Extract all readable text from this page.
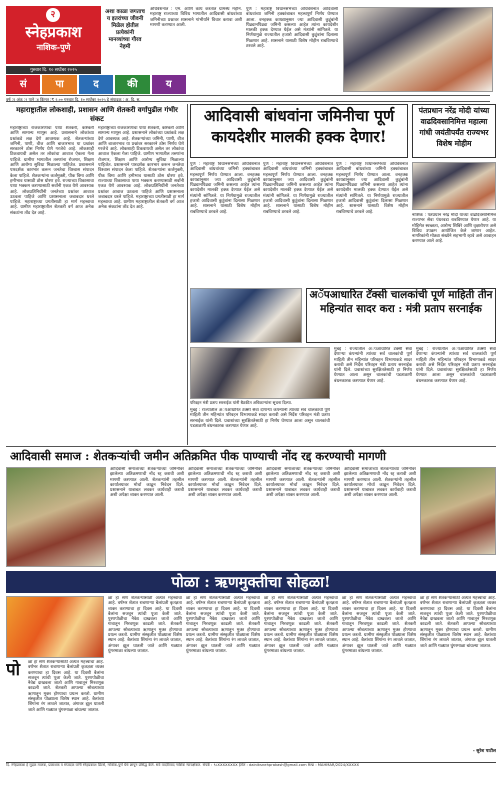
२
स्नेहप्रकाश
नाशिक-पुणे
गुरुवार दि. १० सप्टेंबर २०२५
अशा काळा जगताच य इतरांच्या जीवनी मिळेल होतील प्रत्येकांनी मानव्यांच्या गौरव नेहमी
अधिवेशनात : एम. आणि काय करतात ग्रामस्थ महीने. महाराष्ट्र राज्याच्या विविध भागातील आदिवासी बांधवांच्या जमिनीच्या प्रश्नावर शासनाने गांभीर्याने विचार करावा अशी मागणी करण्यात आली.
पुणे : महाराष्ट्र विधानसभेच्या अधिवेशनात आदिवासी बांधवांच्या जमिनी हक्कांबाबत महत्त्वपूर्ण निर्णय घेण्यात आला. वनहक्क कायद्यानुसार ज्या आदिवासी कुटुंबांनी पिढ्यानपिढ्या जमिनी कसल्या आहेत त्यांना कायदेशीर मालकी हक्क देण्यात येईल असे मंत्र्यांनी सांगितले. या निर्णयामुळे राज्यातील हजारो आदिवासी कुटुंबांना दिलासा मिळणार आहे. शासनाने यासाठी विशेष मोहीम राबविण्याचे ठरवले आहे.
सं	पा	द	की	य
वर्ष :१ अंक :२ पाने :४ किंमत :₹ २.०० गुरुवार दि. १० सप्टेंबर २०२५ हे संपादक : अ. दि. स.
महाराष्ट्रातील लोकशाही, प्रशासन आणि शेतकरी वर्गापुढील गंभीर संकट
महाराष्ट्राच्या राजकारणाचा पाया शेतकरी, कष्टकरी आणि सामान्य माणूस आहे. प्रशासनाने लोकांच्या प्रश्नांकडे लक्ष देणे आवश्यक आहे. शेतकऱ्यांच्या जमिनी, पाणी, वीज आणि बाजारभाव या प्रश्नांवर सरकारने ठोस निर्णय घेणे गरजेचे आहे. लोकशाही टिकवायची असेल तर लोकांचा आवाज ऐकला गेला पाहिजे. ग्रामीण भागातील तरुणांना रोजगार, शिक्षण आणि आरोग्य सुविधा मिळाल्या पाहिजेत. प्रशासनाने पारदर्शक कारभार करून जनतेचा विश्वास संपादन केला पाहिजे. शेतकऱ्यांना कर्जमुक्ती, पीक विमा आणि हमीभाव यासाठी ठोस धोरण हवे. राज्याच्या विकासाचा पाया भक्कम करण्यासाठी सर्वांनी एकत्र येणे आवश्यक आहे. लोकप्रतिनिधींनी जनतेच्या प्रश्नांवर आवाज उठवला पाहिजे आणि प्रशासनाला जबाबदार धरले पाहिजे. महाराष्ट्राच्या प्रगतीसाठी हा मार्ग महत्त्वाचा आहे. ग्रामीण महाराष्ट्रातील शेतकरी वर्ग आज अनेक संकटांना तोंड देत आहे.
महाराष्ट्राच्या राजकारणाचा पाया शेतकरी, कष्टकरी आणि सामान्य माणूस आहे. प्रशासनाने लोकांच्या प्रश्नांकडे लक्ष देणे आवश्यक आहे. शेतकऱ्यांच्या जमिनी, पाणी, वीज आणि बाजारभाव या प्रश्नांवर सरकारने ठोस निर्णय घेणे गरजेचे आहे. लोकशाही टिकवायची असेल तर लोकांचा आवाज ऐकला गेला पाहिजे. ग्रामीण भागातील तरुणांना रोजगार, शिक्षण आणि आरोग्य सुविधा मिळाल्या पाहिजेत. प्रशासनाने पारदर्शक कारभार करून जनतेचा विश्वास संपादन केला पाहिजे. शेतकऱ्यांना कर्जमुक्ती, पीक विमा आणि हमीभाव यासाठी ठोस धोरण हवे. राज्याच्या विकासाचा पाया भक्कम करण्यासाठी सर्वांनी एकत्र येणे आवश्यक आहे. लोकप्रतिनिधींनी जनतेच्या प्रश्नांवर आवाज उठवला पाहिजे आणि प्रशासनाला जबाबदार धरले पाहिजे. महाराष्ट्राच्या प्रगतीसाठी हा मार्ग महत्त्वाचा आहे. ग्रामीण महाराष्ट्रातील शेतकरी वर्ग आज अनेक संकटांना तोंड देत आहे.
आदिवासी बांधवांना जमिनीचा पूर्ण कायदेशीर मालकी हक्क देणार!
पंतप्रधान नरेंद्र मोदी यांच्या वाढदिवसानिमित्त महात्मा गांधी जयंतीपर्यंत राज्यभर विशेष मोहीम
पुणे : महाराष्ट्र विधानसभेच्या अधिवेशनात आदिवासी बांधवांच्या जमिनी हक्कांबाबत महत्त्वपूर्ण निर्णय घेण्यात आला. वनहक्क कायद्यानुसार ज्या आदिवासी कुटुंबांनी पिढ्यानपिढ्या जमिनी कसल्या आहेत त्यांना कायदेशीर मालकी हक्क देण्यात येईल असे मंत्र्यांनी सांगितले. या निर्णयामुळे राज्यातील हजारो आदिवासी कुटुंबांना दिलासा मिळणार आहे. शासनाने यासाठी विशेष मोहीम राबविण्याचे ठरवले आहे.
पुणे : महाराष्ट्र विधानसभेच्या अधिवेशनात आदिवासी बांधवांच्या जमिनी हक्कांबाबत महत्त्वपूर्ण निर्णय घेण्यात आला. वनहक्क कायद्यानुसार ज्या आदिवासी कुटुंबांनी पिढ्यानपिढ्या जमिनी कसल्या आहेत त्यांना कायदेशीर मालकी हक्क देण्यात येईल असे मंत्र्यांनी सांगितले. या निर्णयामुळे राज्यातील हजारो आदिवासी कुटुंबांना दिलासा मिळणार आहे. शासनाने यासाठी विशेष मोहीम राबविण्याचे ठरवले आहे.
पुणे : महाराष्ट्र विधानसभेच्या अधिवेशनात आदिवासी बांधवांच्या जमिनी हक्कांबाबत महत्त्वपूर्ण निर्णय घेण्यात आला. वनहक्क कायद्यानुसार ज्या आदिवासी कुटुंबांनी पिढ्यानपिढ्या जमिनी कसल्या आहेत त्यांना कायदेशीर मालकी हक्क देण्यात येईल असे मंत्र्यांनी सांगितले. या निर्णयामुळे राज्यातील हजारो आदिवासी कुटुंबांना दिलासा मिळणार आहे. शासनाने यासाठी विशेष मोहीम राबविण्याचे ठरवले आहे.
नाशिक : पंतप्रधान नरेंद्र मोदी यांच्या वाढदिवसानिमित्त राज्यभर सेवा पंधरवडा राबविण्यात येणार आहे. या मोहिमेत स्वच्छता, आरोग्य शिबिरे आणि वृक्षारोपण असे विविध उपक्रम आयोजित केले जाणार आहेत. नागरिकांनी मोठ्या संख्येने सहभागी व्हावे असे आवाहन करण्यात आले आहे.
अॅपआधारित टॅक्सी चालकांची पूर्ण माहिती तीन महिन्यांत सादर करा : मंत्री प्रताप सरनाईक
मुंबई : राज्यातील अॅपआधारित टॅक्सी सेवा देणाऱ्या कंपन्यांनी त्यांच्या सर्व चालकांची पूर्ण माहिती तीन महिन्यांत परिवहन विभागाकडे सादर करावी असे निर्देश परिवहन मंत्री प्रताप सरनाईक यांनी दिले. प्रवाशांच्या सुरक्षिततेसाठी हा निर्णय घेण्यात आला असून चालकांची पडताळणी बंधनकारक करण्यात येणार आहे.
मुंबई : राज्यातील अॅपआधारित टॅक्सी सेवा देणाऱ्या कंपन्यांनी त्यांच्या सर्व चालकांची पूर्ण माहिती तीन महिन्यांत परिवहन विभागाकडे सादर करावी असे निर्देश परिवहन मंत्री प्रताप सरनाईक यांनी दिले. प्रवाशांच्या सुरक्षिततेसाठी हा निर्णय घेण्यात आला असून चालकांची पडताळणी बंधनकारक करण्यात येणार आहे.
परिवहन मंत्री प्रताप सरनाईक यांनी बैठकीत अधिकाऱ्यांना सूचना दिल्या.
मुंबई : राज्यातील अॅपआधारित टॅक्सी सेवा देणाऱ्या कंपन्यांनी त्यांच्या सर्व चालकांची पूर्ण माहिती तीन महिन्यांत परिवहन विभागाकडे सादर करावी असे निर्देश परिवहन मंत्री प्रताप सरनाईक यांनी दिले. प्रवाशांच्या सुरक्षिततेसाठी हा निर्णय घेण्यात आला असून चालकांची पडताळणी बंधनकारक करण्यात येणार आहे.
आदिवासी समाज : शेतकऱ्यांची जमीन अतिक्रमित पीक पाण्याची नोंद रद्द करण्याची मागणी
आदिवासी समाजाच्या शेतकऱ्यांच्या जमिनीवर झालेल्या अतिक्रमणाची नोंद रद्द करावी अशी मागणी करण्यात आली. शेतकऱ्यांनी तहसील कार्यालयावर मोर्चा काढून निवेदन दिले. प्रशासनाने याबाबत लवकर कार्यवाही करावी अशी अपेक्षा व्यक्त करण्यात आली.
आदिवासी समाजाच्या शेतकऱ्यांच्या जमिनीवर झालेल्या अतिक्रमणाची नोंद रद्द करावी अशी मागणी करण्यात आली. शेतकऱ्यांनी तहसील कार्यालयावर मोर्चा काढून निवेदन दिले. प्रशासनाने याबाबत लवकर कार्यवाही करावी अशी अपेक्षा व्यक्त करण्यात आली.
आदिवासी समाजाच्या शेतकऱ्यांच्या जमिनीवर झालेल्या अतिक्रमणाची नोंद रद्द करावी अशी मागणी करण्यात आली. शेतकऱ्यांनी तहसील कार्यालयावर मोर्चा काढून निवेदन दिले. प्रशासनाने याबाबत लवकर कार्यवाही करावी अशी अपेक्षा व्यक्त करण्यात आली.
आदिवासी समाजाच्या शेतकऱ्यांच्या जमिनीवर झालेल्या अतिक्रमणाची नोंद रद्द करावी अशी मागणी करण्यात आली. शेतकऱ्यांनी तहसील कार्यालयावर मोर्चा काढून निवेदन दिले. प्रशासनाने याबाबत लवकर कार्यवाही करावी अशी अपेक्षा व्यक्त करण्यात आली.
पोळा : ऋणमुक्तीचा सोहळा!
पो	ळा हा सण शेतकऱ्यांसाठी अत्यंत महत्त्वाचा आहे. वर्षभर शेतात राबणाऱ्या बैलांप्रती कृतज्ञता व्यक्त करण्याचा हा दिवस आहे. या दिवशी बैलांना सजवून त्यांची पूजा केली जाते. पुरणपोळीचा नैवेद्य दाखवला जातो आणि गावातून मिरवणूक काढली जाते. शेतकरी आपल्या सोबत्याच्या ऋणातून मुक्त होण्याचा प्रयत्न करतो. ग्रामीण संस्कृतीत पोळ्याला विशेष स्थान आहे. बैलांच्या शिंगांना रंग लावले जातात, अंगावर झूल घातली जाते आणि गळ्यात घुंगरमाळा बांधल्या जातात.
ळा हा सण शेतकऱ्यांसाठी अत्यंत महत्त्वाचा आहे. वर्षभर शेतात राबणाऱ्या बैलांप्रती कृतज्ञता व्यक्त करण्याचा हा दिवस आहे. या दिवशी बैलांना सजवून त्यांची पूजा केली जाते. पुरणपोळीचा नैवेद्य दाखवला जातो आणि गावातून मिरवणूक काढली जाते. शेतकरी आपल्या सोबत्याच्या ऋणातून मुक्त होण्याचा प्रयत्न करतो. ग्रामीण संस्कृतीत पोळ्याला विशेष स्थान आहे. बैलांच्या शिंगांना रंग लावले जातात, अंगावर झूल घातली जाते आणि गळ्यात घुंगरमाळा बांधल्या जातात.
ळा हा सण शेतकऱ्यांसाठी अत्यंत महत्त्वाचा आहे. वर्षभर शेतात राबणाऱ्या बैलांप्रती कृतज्ञता व्यक्त करण्याचा हा दिवस आहे. या दिवशी बैलांना सजवून त्यांची पूजा केली जाते. पुरणपोळीचा नैवेद्य दाखवला जातो आणि गावातून मिरवणूक काढली जाते. शेतकरी आपल्या सोबत्याच्या ऋणातून मुक्त होण्याचा प्रयत्न करतो. ग्रामीण संस्कृतीत पोळ्याला विशेष स्थान आहे. बैलांच्या शिंगांना रंग लावले जातात, अंगावर झूल घातली जाते आणि गळ्यात घुंगरमाळा बांधल्या जातात.
ळा हा सण शेतकऱ्यांसाठी अत्यंत महत्त्वाचा आहे. वर्षभर शेतात राबणाऱ्या बैलांप्रती कृतज्ञता व्यक्त करण्याचा हा दिवस आहे. या दिवशी बैलांना सजवून त्यांची पूजा केली जाते. पुरणपोळीचा नैवेद्य दाखवला जातो आणि गावातून मिरवणूक काढली जाते. शेतकरी आपल्या सोबत्याच्या ऋणातून मुक्त होण्याचा प्रयत्न करतो. ग्रामीण संस्कृतीत पोळ्याला विशेष स्थान आहे. बैलांच्या शिंगांना रंग लावले जातात, अंगावर झूल घातली जाते आणि गळ्यात घुंगरमाळा बांधल्या जातात.
ळा हा सण शेतकऱ्यांसाठी अत्यंत महत्त्वाचा आहे. वर्षभर शेतात राबणाऱ्या बैलांप्रती कृतज्ञता व्यक्त करण्याचा हा दिवस आहे. या दिवशी बैलांना सजवून त्यांची पूजा केली जाते. पुरणपोळीचा नैवेद्य दाखवला जातो आणि गावातून मिरवणूक काढली जाते. शेतकरी आपल्या सोबत्याच्या ऋणातून मुक्त होण्याचा प्रयत्न करतो. ग्रामीण संस्कृतीत पोळ्याला विशेष स्थान आहे. बैलांच्या शिंगांना रंग लावले जातात, अंगावर झूल घातली जाते आणि गळ्यात घुंगरमाळा बांधल्या जातात.
ळा हा सण शेतकऱ्यांसाठी अत्यंत महत्त्वाचा आहे. वर्षभर शेतात राबणाऱ्या बैलांप्रती कृतज्ञता व्यक्त करण्याचा हा दिवस आहे. या दिवशी बैलांना सजवून त्यांची पूजा केली जाते. पुरणपोळीचा नैवेद्य दाखवला जातो आणि गावातून मिरवणूक काढली जाते. शेतकरी आपल्या सोबत्याच्या ऋणातून मुक्त होण्याचा प्रयत्न करतो. ग्रामीण संस्कृतीत पोळ्याला विशेष स्थान आहे. बैलांच्या शिंगांना रंग लावले जातात, अंगावर झूल घातली जाते आणि गळ्यात घुंगरमाळा बांधल्या जातात.
- सुरेश पाटील
दि. स्नेहप्रकाश हे मुद्रक मालक, प्रकाशक व संपादक यांनी स्नेहप्रकाश प्रिंटर्स, नाशिक-पुणे येथे छापून प्रसिद्ध केले. सर्व वादविवाद नाशिक न्यायक्षेत्रात. संपर्क : ९८XXXXXXXX ईमेल : dainiksnehprakash@gmail.com RNI : MAHMAR/2024/XXXXX
